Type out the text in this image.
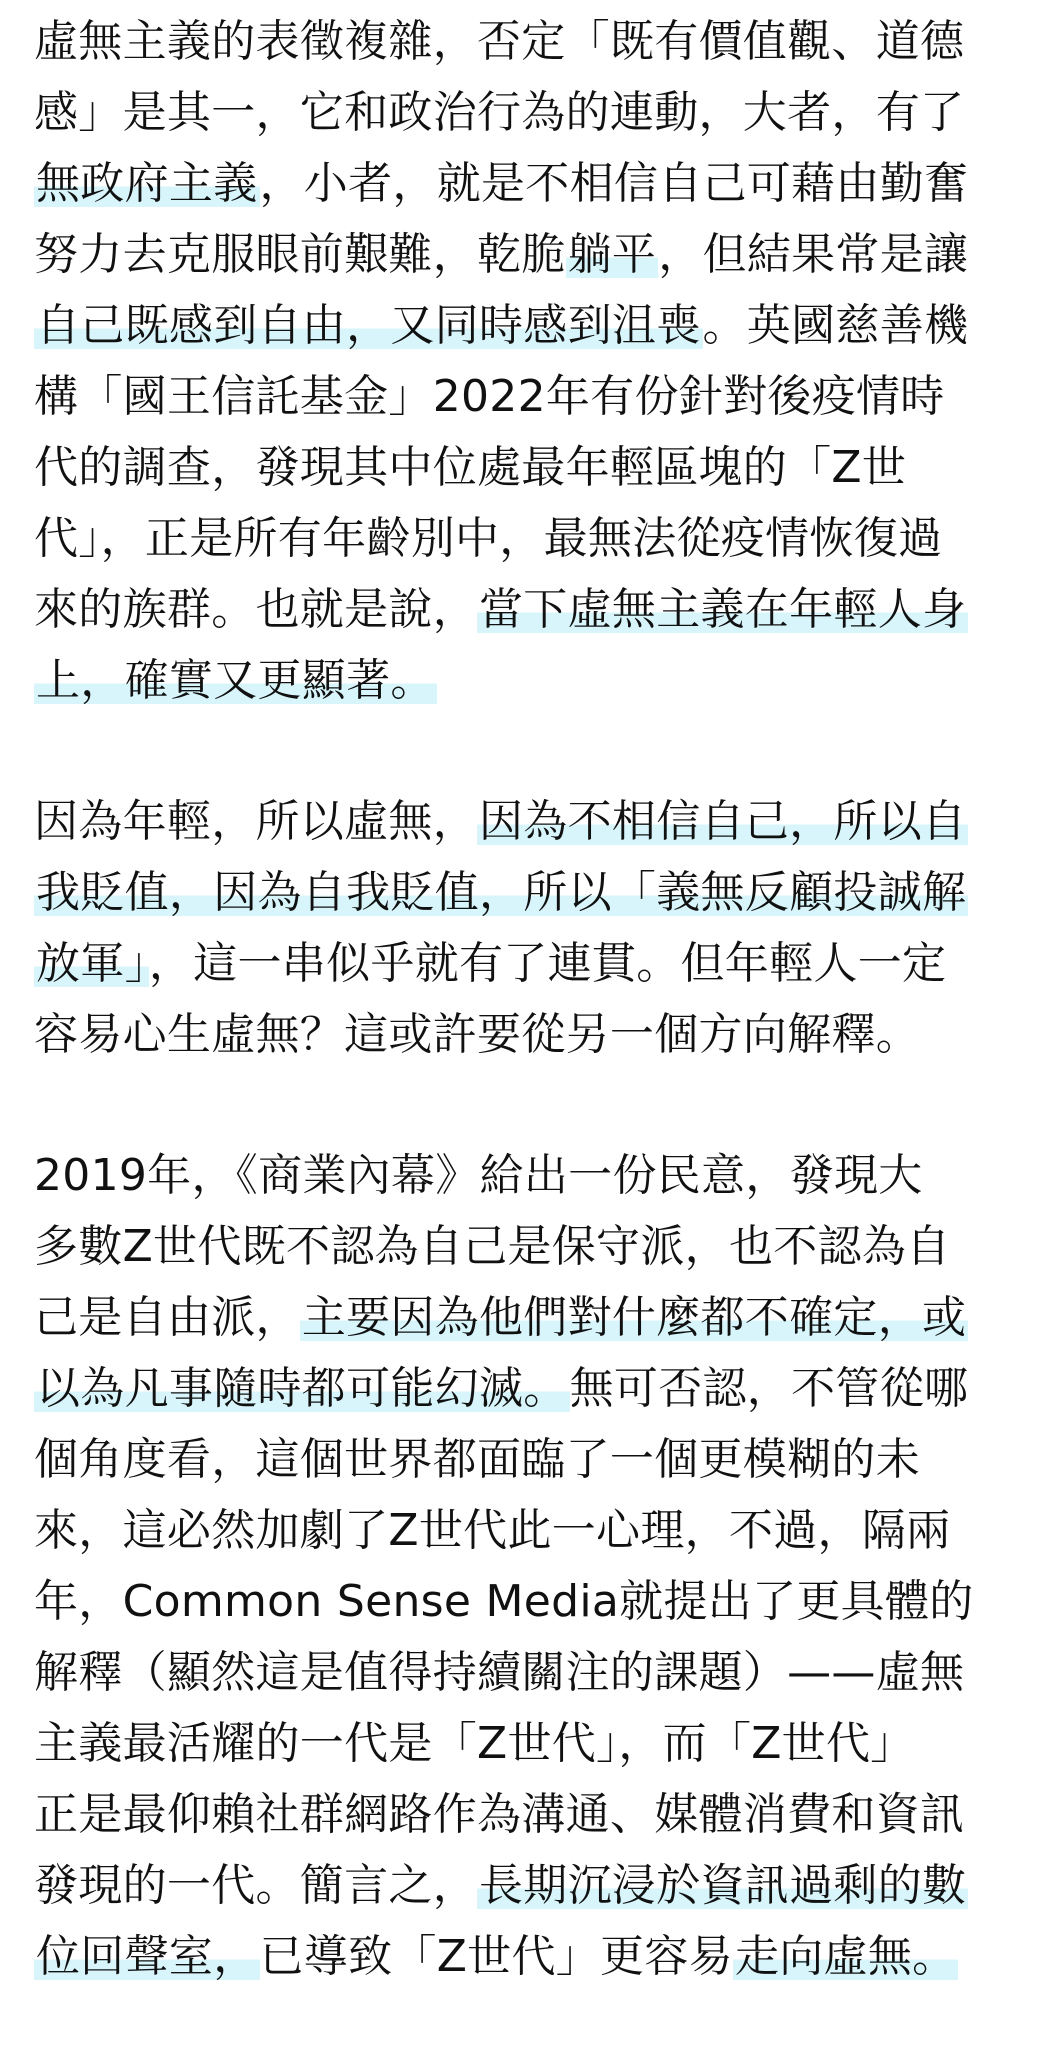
虛無主義的表徵複雜，否定「既有價值觀、道德
感」是其一，它和政治行為的連動，大者，有了
無政府主義，小者，就是不相信自己可藉由勤奮
努力去克服眼前艱難，乾脆躺平，但結果常是讓
自己既感到自由，又同時感到沮喪。英國慈善機
構「國王信託基金」2022年有份針對後疫情時
代的調查，發現其中位處最年輕區塊的「Z世
代」，正是所有年齡別中，最無法從疫情恢復過
來的族群。也就是說，當下虛無主義在年輕人身
上，確實又更顯著。
因為年輕，所以虛無，因為不相信自己，所以自
我貶值，因為自我貶值，所以「義無反顧投誠解
放軍」，這一串似乎就有了連貫。但年輕人一定
容易心生虛無？這或許要從另一個方向解釋。
2019年，《商業內幕》給出一份民意，發現大
多數Z世代既不認為自己是保守派，也不認為自
己是自由派，主要因為他們對什麼都不確定，或
以為凡事隨時都可能幻滅。無可否認，不管從哪
個角度看，這個世界都面臨了一個更模糊的未
來，這必然加劇了Z世代此一心理，不過，隔兩
年，Common Sense Media就提出了更具體的
解釋（顯然這是值得持續關注的課題）——虛無
主義最活耀的一代是「Z世代」，而「Z世代」
正是最仰賴社群網路作為溝通、媒體消費和資訊
發現的一代。簡言之，長期沉浸於資訊過剩的數
位回聲室，已導致「Z世代」更容易走向虛無。
